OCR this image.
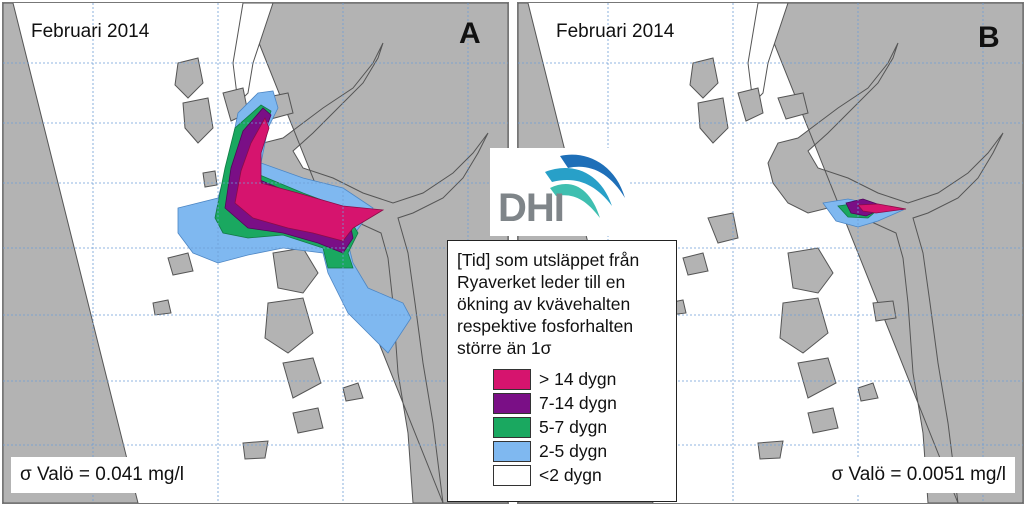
Februari 2014	A
σ Valö = 0.041 mg/l
Februari 2014	B
σ Valö = 0.0051 mg/l
DHI
[Tid] som utsläppet från
Ryaverket leder till en
ökning av kvävehalten
respektive fosforhalten
större än 1σ
> 14 dygn
7-14 dygn
5-7 dygn
2-5 dygn
<2 dygn
